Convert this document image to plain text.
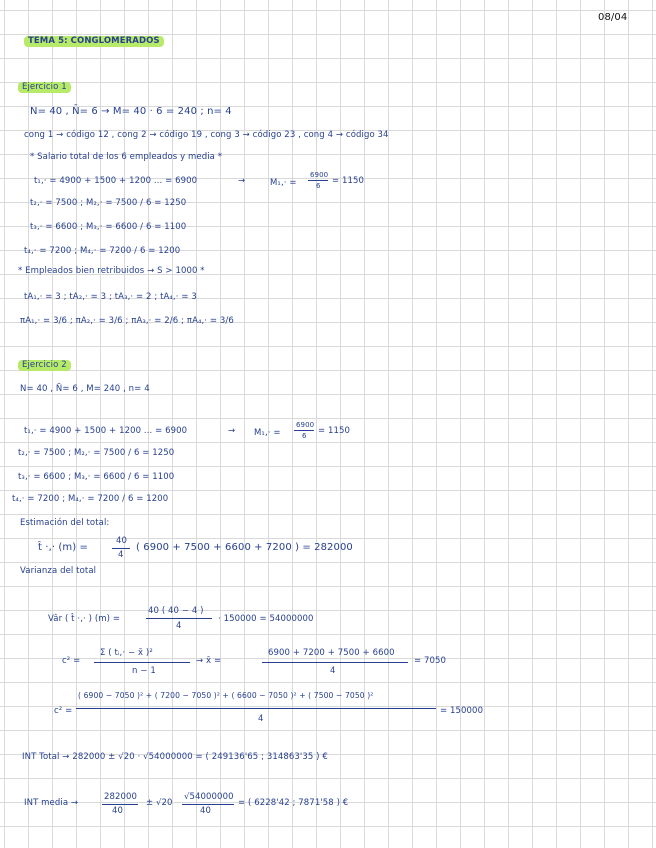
08/04
TEMA 5: CONGLOMERADOS
Ejercicio 1
N= 40 , N̄= 6 → M= 40 · 6 = 240 ; n= 4
cong 1 → código 12 , cong 2 → código 19 , cong 3 → código 23 , cong 4 → código 34
* Salario total de los 6 empleados y media *
t₁,· = 4900 + 1500 + 1200 ... = 6900	→	M₁,· =
6900
6 = 1150
t₂,· = 7500 ; M₂,· = 7500 / 6 = 1250
t₃,· = 6600 ; M₃,· = 6600 / 6 = 1100
t₄,· = 7200 ; M₄,· = 7200 / 6 = 1200
* Empleados bien retribuidos → S > 1000 *
tA₁,· = 3 ; tA₂,· = 3 ; tA₃,· = 2 ; tA₄,· = 3
πA₁,· = 3/6 ; πA₂,· = 3/6 ; πA₃,· = 2/6 ; πA₄,· = 3/6
Ejercicio 2
N= 40 , N̄= 6 , M= 240 , n= 4
t₁,· = 4900 + 1500 + 1200 ... = 6900	→ M₁,· =
6900
6 = 1150
t₂,· = 7500 ; M₂,· = 7500 / 6 = 1250
t₃,· = 6600 ; M₃,· = 6600 / 6 = 1100
t₄,· = 7200 ; M₄,· = 7200 / 6 = 1200
Estimación del total:
t̂ ·,· (m) =
40
4
( 6900 + 7500 + 6600 + 7200 ) = 282000
Varianza del total
Vâr ( t̂ ·,· ) (m) =
40 ( 40 − 4 )
4
· 150000 = 54000000
c² =
Σ ( tᵢ,· − x̄ )²
n − 1
→ x̄ =
6900 + 7200 + 7500 + 6600
4
= 7050
c² =
( 6900 − 7050 )² + ( 7200 − 7050 )² + ( 6600 − 7050 )² + ( 7500 − 7050 )²
4
= 150000
INT Total → 282000 ± √20 · √54000000 = ( 249136'65 ; 314863'35 ) €
INT media →
282000
40
± √20
√54000000
40
= ( 6228'42 ; 7871'58 ) €
